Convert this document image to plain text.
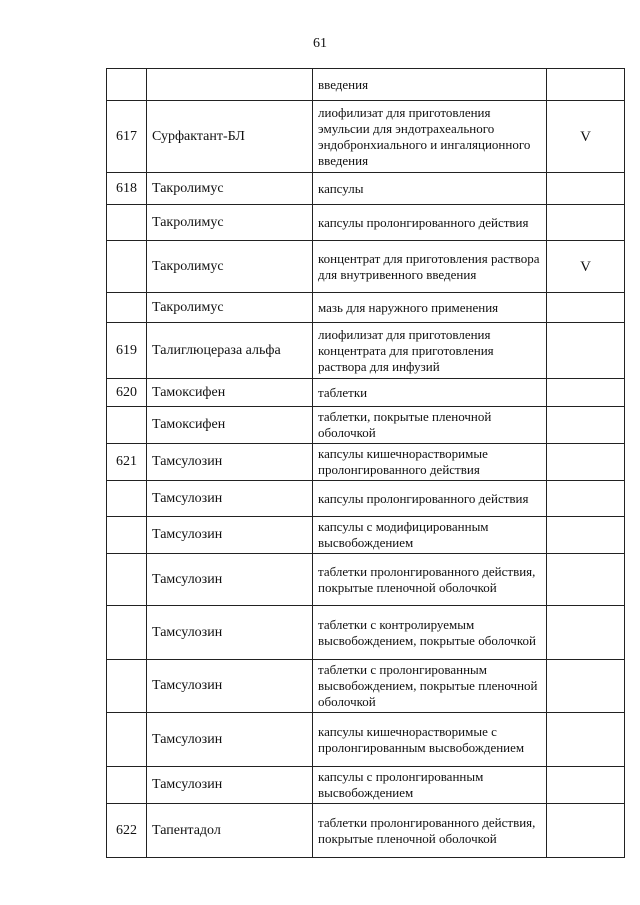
61
		введения	
617	Сурфактант-БЛ	лиофилизат для приготовления эмульсии для эндотрахеального эндобронхиального и ингаляционного введения	V
618	Такролимус	капсулы	
	Такролимус	капсулы пролонгированного действия	
	Такролимус	концентрат для приготовления раствора для внутривенного введения	V
	Такролимус	мазь для наружного применения	
619	Талиглюцераза альфа	лиофилизат для приготовления концентрата для приготовления раствора для инфузий	
620	Тамоксифен	таблетки	
	Тамоксифен	таблетки, покрытые пленочной оболочкой	
621	Тамсулозин	капсулы кишечнорастворимые пролонгированного действия	
	Тамсулозин	капсулы пролонгированного действия	
	Тамсулозин	капсулы с модифицированным высвобождением	
	Тамсулозин	таблетки пролонгированного действия, покрытые пленочной оболочкой	
	Тамсулозин	таблетки с контролируемым высвобождением, покрытые оболочкой	
	Тамсулозин	таблетки с пролонгированным высвобождением, покрытые пленочной оболочкой	
	Тамсулозин	капсулы кишечнорастворимые с пролонгированным высвобождением	
	Тамсулозин	капсулы с пролонгированным высвобождением	
622	Тапентадол	таблетки пролонгированного действия, покрытые пленочной оболочкой	
